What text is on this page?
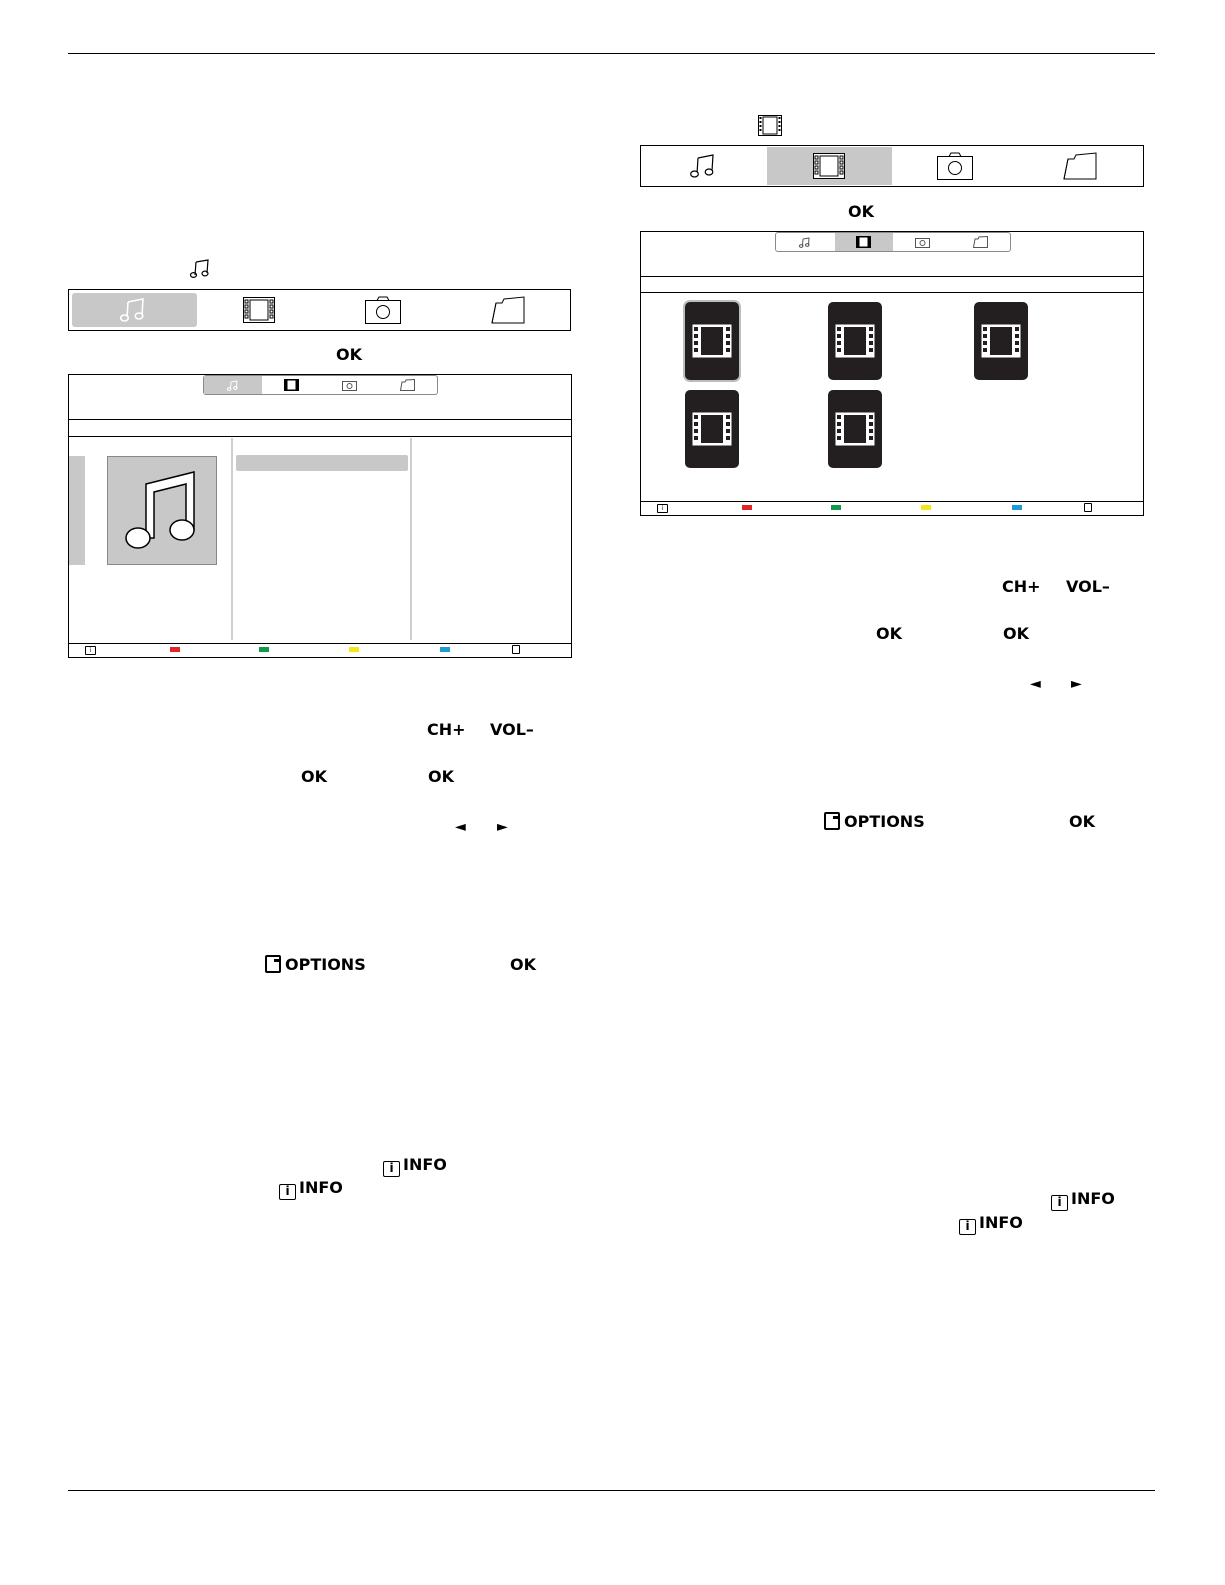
OK
i
CH+ VOL–
OK	OK
◄ ►
OPTIONS	OK
i INFO
i INFO
OK
i
CH+ VOL–
OK	OK
◄ ►
OPTIONS	OK
i INFO
i INFO
